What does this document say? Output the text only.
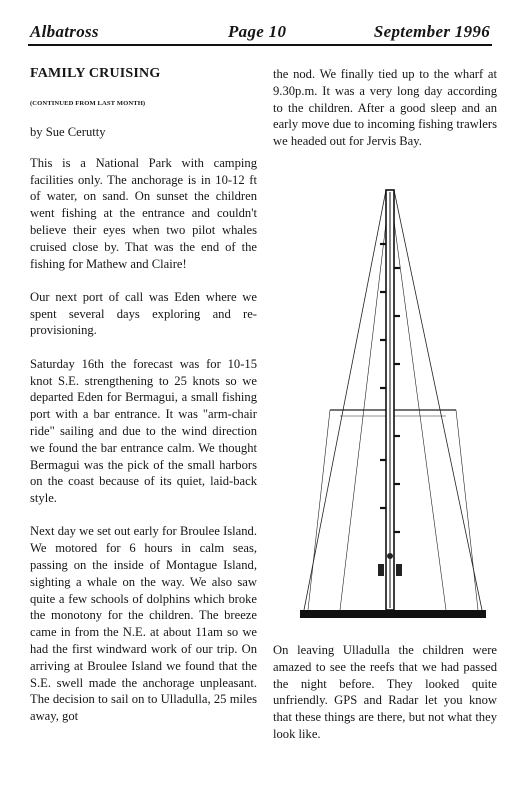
Albatross	Page 10	September 1996

FAMILY CRUISING

(CONTINUED FROM LAST MONTH)

by Sue Cerutty

This is a National Park with camping facilities only. The anchorage is in 10-12 ft of water, on sand. On sunset the children went fishing at the entrance and couldn't believe their eyes when two pilot whales cruised close by. That was the end of the fishing for Mathew and Claire!

Our next port of call was Eden where we spent several days exploring and re-provisioning.

Saturday 16th the forecast was for 10-15 knot S.E. strengthening to 25 knots so we departed Eden for Bermagui, a small fishing port with a bar entrance. It was "arm-chair ride" sailing and due to the wind direction we found the bar entrance calm. We thought Bermagui was the pick of the small harbors on the coast because of its quiet, laid-back style.

Next day we set out early for Broulee Island. We motored for 6 hours in calm seas, passing on the inside of Montague Island, sighting a whale on the way. We also saw quite a few schools of dolphins which broke the monotony for the children. The breeze came in from the N.E. at about 11am so we had the first windward work of our trip. On arriving at Broulee Island we found that the S.E. swell made the anchorage unpleasant. The decision to sail on to Ulladulla, 25 miles away, got

the nod. We finally tied up to the wharf at 9.30p.m. It was a very long day according to the children. After a good sleep and an early move due to incoming fishing trawlers we headed out for Jervis Bay.

On leaving Ulladulla the children were amazed to see the reefs that we had passed the night before. They looked quite unfriendly. GPS and Radar let you know that these things are there, but not what they look like.
